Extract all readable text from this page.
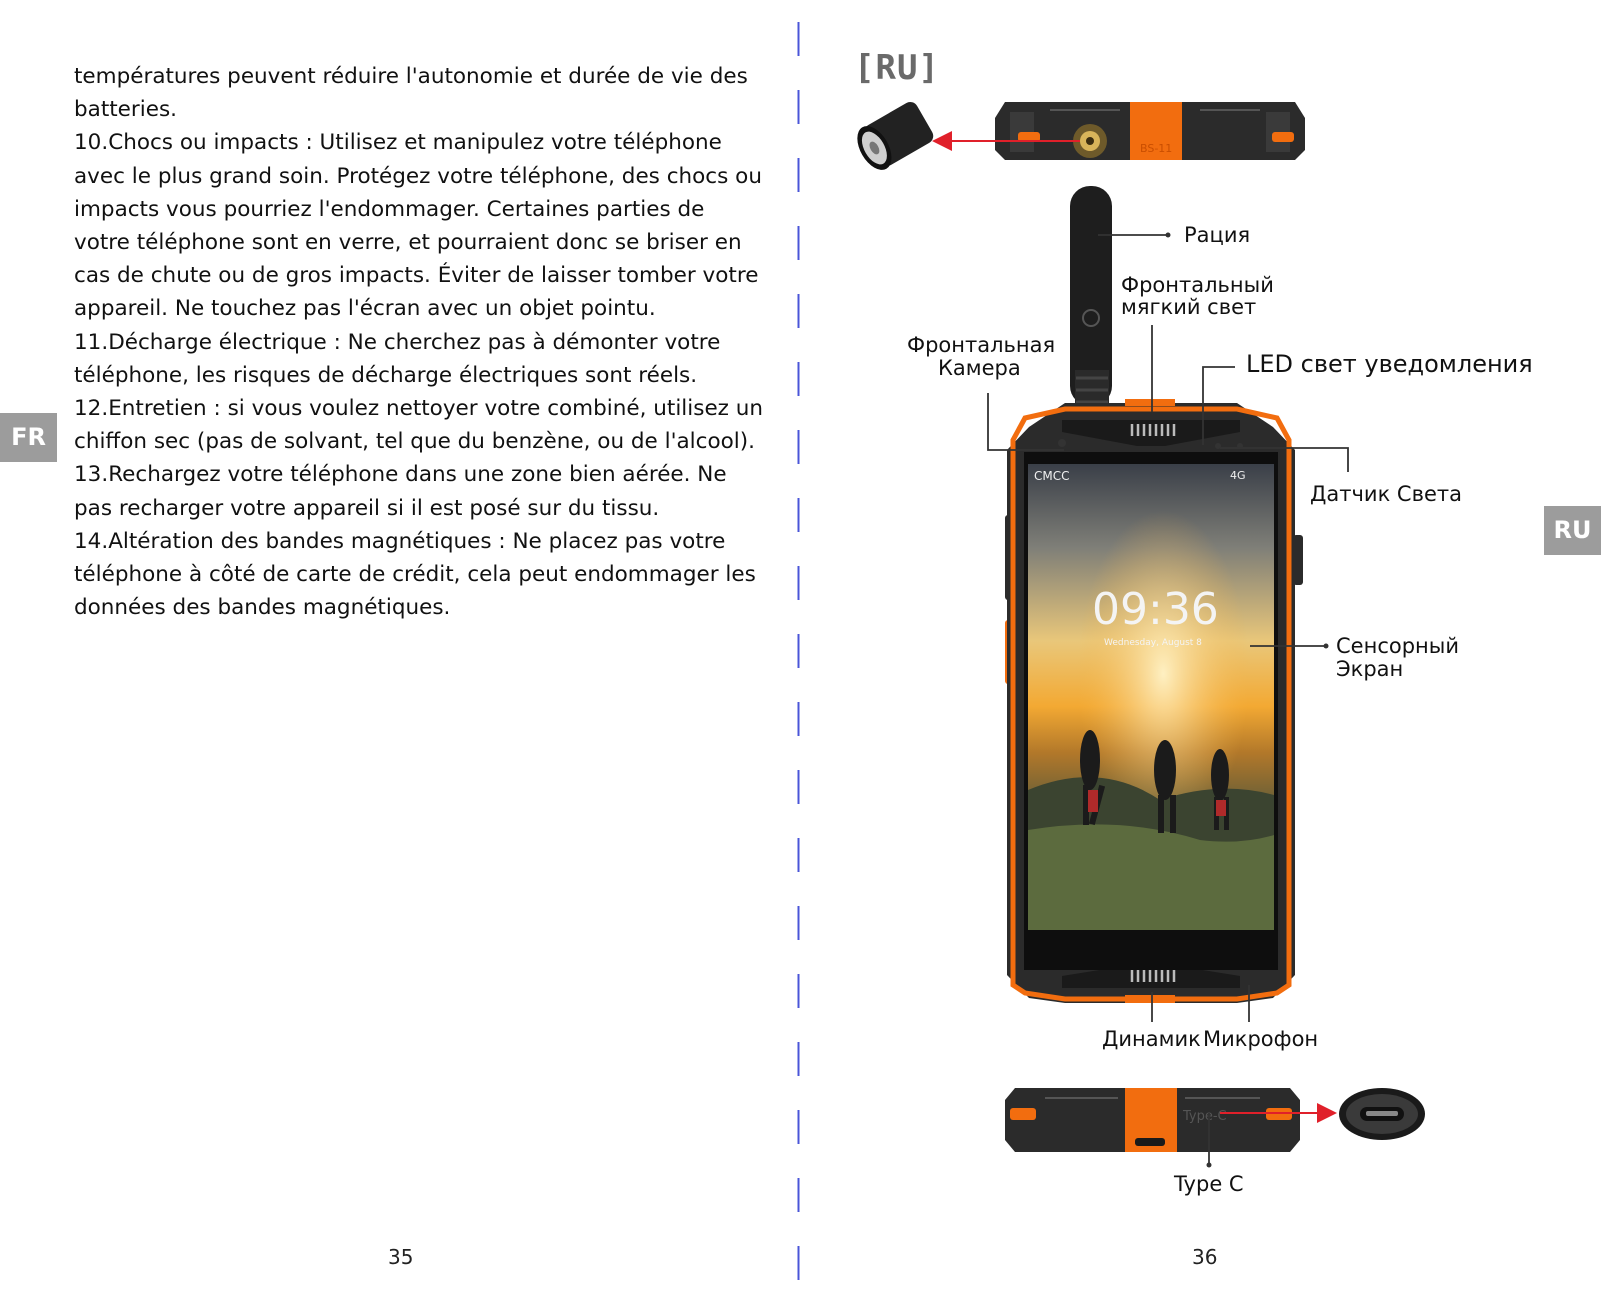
températures peuvent réduire l'autonomie et durée de vie des batteries.

10.Chocs ou impacts : Utilisez et manipulez votre téléphone avec le plus grand soin. Protégez votre téléphone, des chocs ou impacts vous pourriez l'endommager. Certaines parties de votre téléphone sont en verre, et pourraient donc se briser en cas de chute ou de gros impacts. Éviter de laisser tomber votre appareil. Ne touchez pas l'écran avec un objet pointu.

11.Décharge électrique : Ne cherchez pas à démonter votre téléphone, les risques de décharge électriques sont réels.

12.Entretien : si vous voulez nettoyer votre combiné, utilisez un chiffon sec (pas de solvant, tel que du benzène, ou de l'alcool).

13.Rechargez votre téléphone dans une zone bien aérée. Ne pas recharger votre appareil si il est posé sur du tissu.

14.Altération des bandes magnétiques : Ne placez pas votre téléphone à côté de carte de crédit, cela peut endommager les données des bandes magnétiques.

FR
35
[RU]
BS-11
Type-C
CMCC	4G
09:36
Wednesday, August 8
Рация
Фронтальный
мягкий свет
Фронтальная
Камера	LED свет уведомления
Датчик Света
Сенсорный
Экран
Динамик Микрофон
Type C
RU
36
